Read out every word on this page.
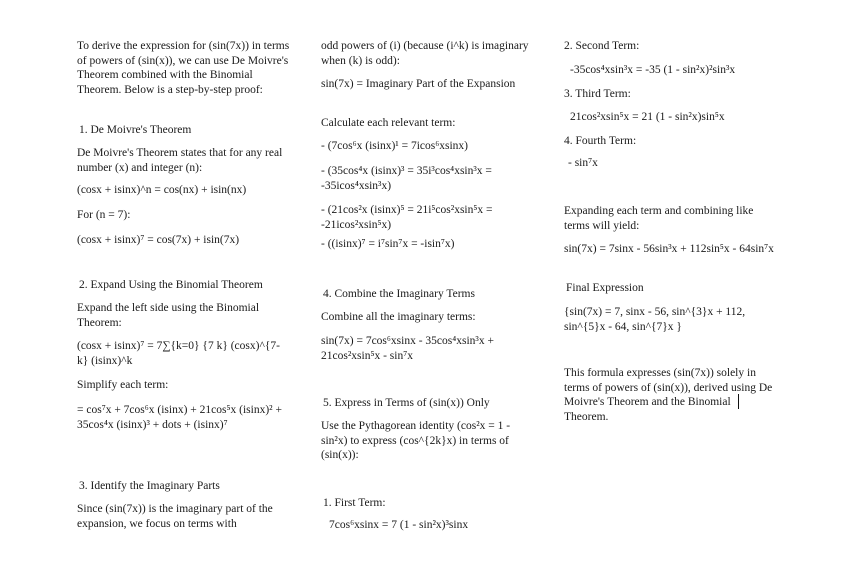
To derive the expression for (sin(7x)) in terms of powers of (sin(x)), we can use De Moivre's Theorem combined with the Binomial Theorem. Below is a step-by-step proof:

1. De Moivre's Theorem

De Moivre's Theorem states that for any real number (x) and integer (n):

(cosx + isinx)^n = cos(nx) + isin(nx)

For (n = 7):

(cosx + isinx)⁷ = cos(7x) + isin(7x)

2. Expand Using the Binomial Theorem

Expand the left side using the Binomial Theorem:

(cosx + isinx)⁷ = 7∑{k=0} {7 k} (cosx)^{7-k} (isinx)^k

Simplify each term:

= cos⁷x + 7cos⁶x (isinx) + 21cos⁵x (isinx)² + 35cos⁴x (isinx)³ + dots + (isinx)⁷

3. Identify the Imaginary Parts

Since (sin(7x)) is the imaginary part of the expansion, we focus on terms with

odd powers of (i) (because (i^k) is imaginary when (k) is odd):

sin(7x) = Imaginary Part of the Expansion

Calculate each relevant term:

- (7cos⁶x (isinx)¹ = 7icos⁶xsinx)

- (35cos⁴x (isinx)³ = 35i³cos⁴xsin³x = -35icos⁴xsin³x)

- (21cos²x (isinx)⁵ = 21i⁵cos²xsin⁵x = -21icos²xsin⁵x)

- ((isinx)⁷ = i⁷sin⁷x = -isin⁷x)

4. Combine the Imaginary Terms

Combine all the imaginary terms:

sin(7x) = 7cos⁶xsinx - 35cos⁴xsin³x + 21cos²xsin⁵x - sin⁷x

5. Express in Terms of (sin(x)) Only

Use the Pythagorean identity (cos²x = 1 - sin²x) to express (cos^{2k}x) in terms of (sin(x)):

1. First Term:

7cos⁶xsinx = 7 (1 - sin²x)³sinx

2. Second Term:

-35cos⁴xsin³x = -35 (1 - sin²x)²sin³x

3. Third Term:

21cos²xsin⁵x = 21 (1 - sin²x)sin⁵x

4. Fourth Term:

- sin⁷x

Expanding each term and combining like terms will yield:

sin(7x) = 7sinx - 56sin³x + 112sin⁵x - 64sin⁷x

Final Expression

{sin(7x) = 7, sinx - 56, sin^{3}x + 112, sin^{5}x - 64, sin^{7}x }

This formula expresses (sin(7x)) solely in terms of powers of (sin(x)), derived using De Moivre's Theorem and the Binomial Theorem.
